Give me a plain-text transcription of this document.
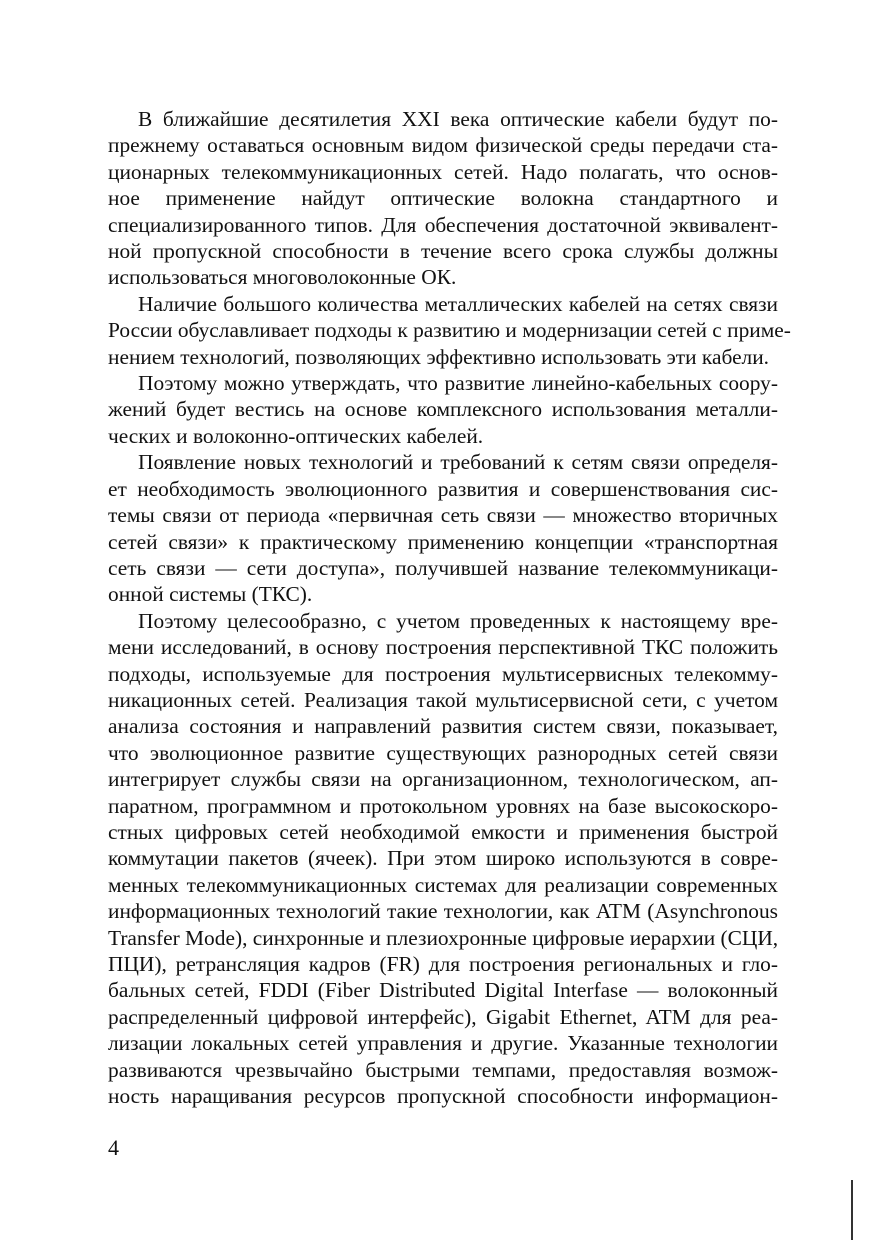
В ближайшие десятилетия XXI века оптические кабели будут по-
прежнему оставаться основным видом физической среды передачи ста-
ционарных телекоммуникационных сетей. Надо полагать, что основ-
ное применение найдут оптические волокна стандартного и
специализированного типов. Для обеспечения достаточной эквивалент-
ной пропускной способности в течение всего срока службы должны
использоваться многоволоконные ОК.

Наличие большого количества металлических кабелей на сетях связи
России обуславливает подходы к развитию и модернизации сетей с приме-
нением технологий, позволяющих эффективно использовать эти кабели.

Поэтому можно утверждать, что развитие линейно-кабельных соору-
жений будет вестись на основе комплексного использования металли-
ческих и волоконно-оптических кабелей.

Появление новых технологий и требований к сетям связи определя-
ет необходимость эволюционного развития и совершенствования сис-
темы связи от периода «первичная сеть связи — множество вторичных
сетей связи» к практическому применению концепции «транспортная
сеть связи — сети доступа», получившей название телекоммуникаци-
онной системы (ТКС).

Поэтому целесообразно, с учетом проведенных к настоящему вре-
мени исследований, в основу построения перспективной ТКС положить
подходы, используемые для построения мультисервисных телекомму-
никационных сетей. Реализация такой мультисервисной сети, с учетом
анализа состояния и направлений развития систем связи, показывает,
что эволюционное развитие существующих разнородных сетей связи
интегрирует службы связи на организационном, технологическом, ап-
паратном, программном и протокольном уровнях на базе высокоскоро-
стных цифровых сетей необходимой емкости и применения быстрой
коммутации пакетов (ячеек). При этом широко используются в совре-
менных телекоммуникационных системах для реализации современных
информационных технологий такие технологии, как ATM (Asynchronous
Transfer Mode), синхронные и плезиохронные цифровые иерархии (СЦИ,
ПЦИ), ретрансляция кадров (FR) для построения региональных и гло-
бальных сетей, FDDI (Fiber Distributed Digital Interfase — волоконный
распределенный цифровой интерфейс), Gigabit Ethernet, ATM для реа-
лизации локальных сетей управления и другие. Указанные технологии
развиваются чрезвычайно быстрыми темпами, предоставляя возмож-
ность наращивания ресурсов пропускной способности информацион-

4
